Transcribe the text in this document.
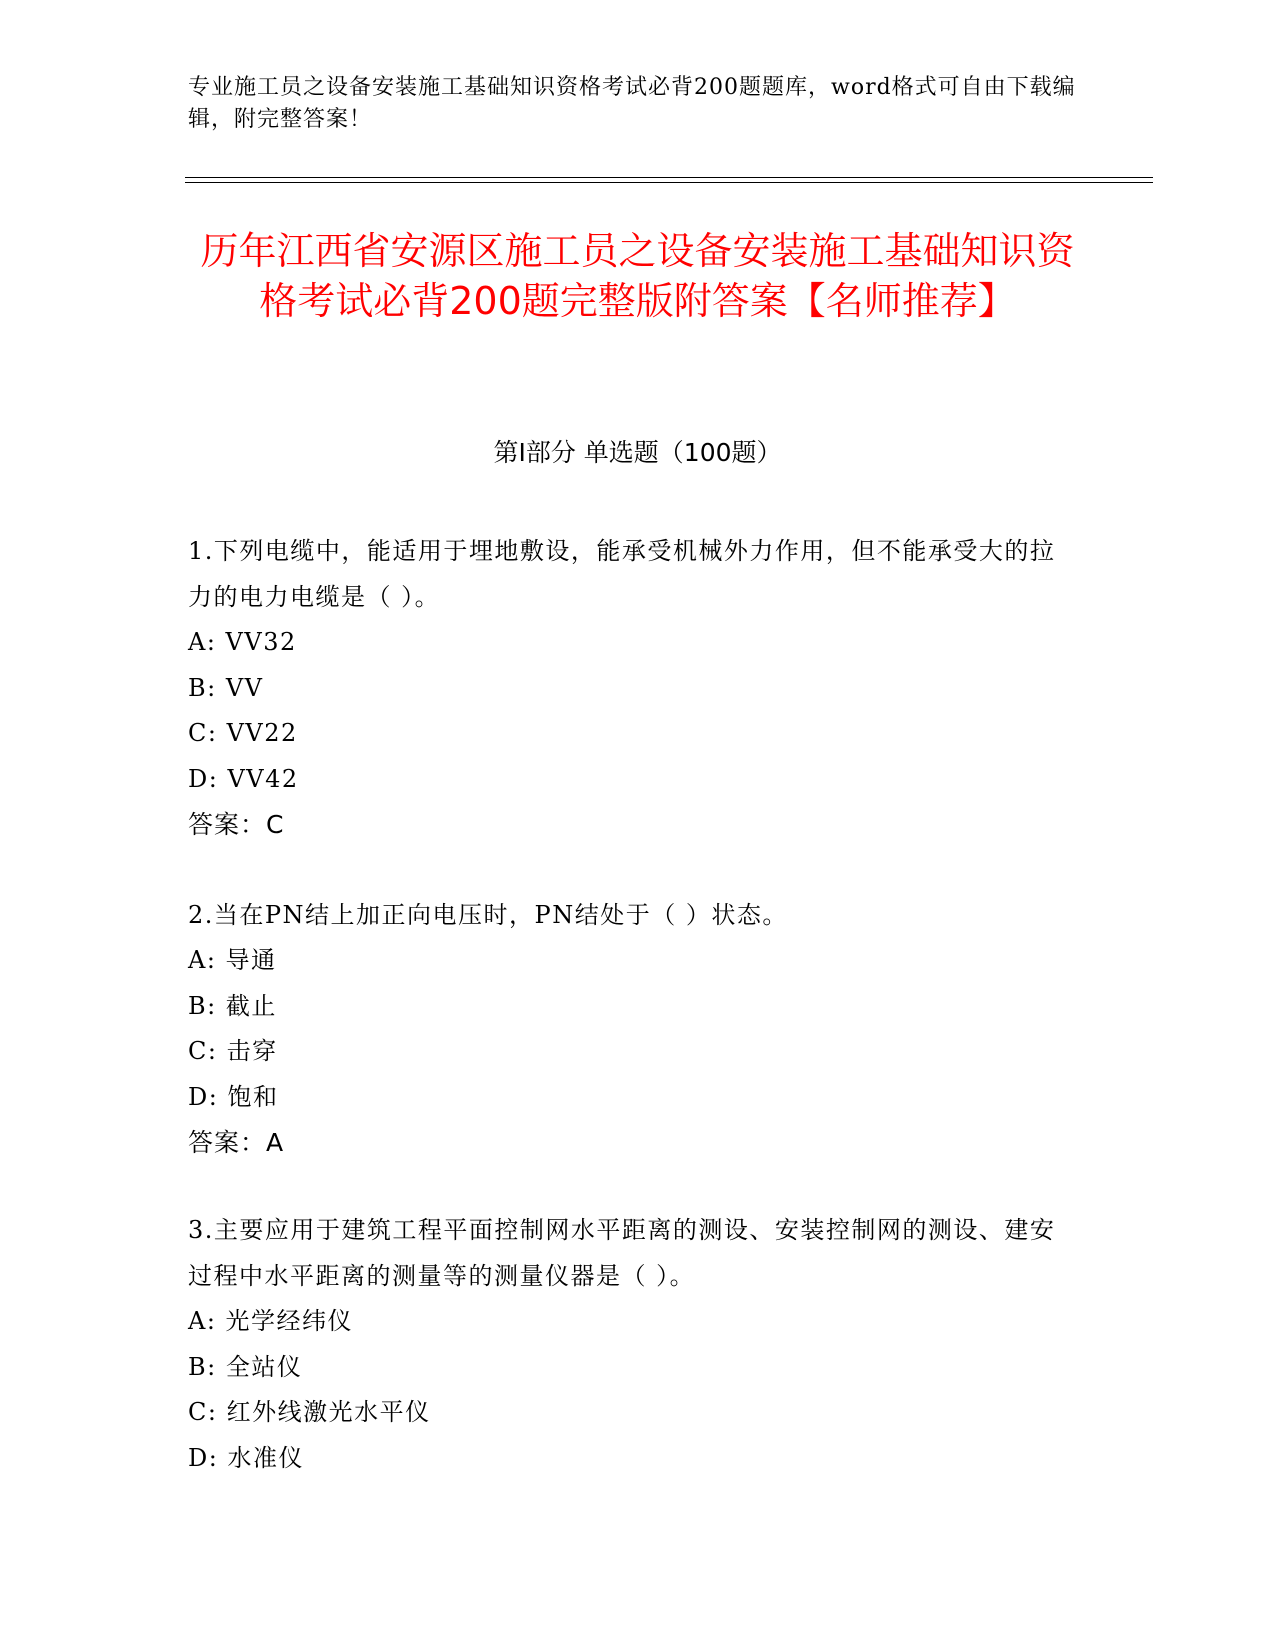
专业施工员之设备安装施工基础知识资格考试必背200题题库，word格式可自由下载编辑，附完整答案！
历年江西省安源区施工员之设备安装施工基础知识资格考试必背200题完整版附答案【名师推荐】
第Ⅰ部分 单选题（100题）

1.下列电缆中，能适用于埋地敷设，能承受机械外力作用，但不能承受大的拉力的电力电缆是（ ）。

A: VV32

B: VV

C: VV22

D: VV42

答案：C

2.当在PN结上加正向电压时，PN结处于（ ）状态。

A: 导通

B: 截止

C: 击穿

D: 饱和

答案：A

3.主要应用于建筑工程平面控制网水平距离的测设、安装控制网的测设、建安过程中水平距离的测量等的测量仪器是（ ）。

A: 光学经纬仪

B: 全站仪

C: 红外线激光水平仪

D: 水准仪
